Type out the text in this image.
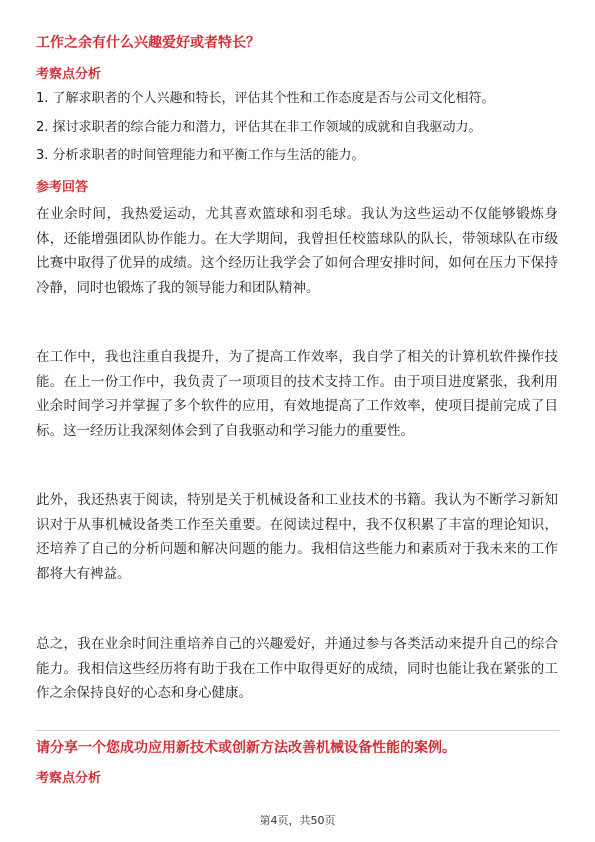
工作之余有什么兴趣爱好或者特长？
考察点分析
1. 了解求职者的个人兴趣和特长，评估其个性和工作态度是否与公司文化相符。
2. 探讨求职者的综合能力和潜力，评估其在非工作领域的成就和自我驱动力。
3. 分析求职者的时间管理能力和平衡工作与生活的能力。
参考回答
在业余时间，我热爱运动，尤其喜欢篮球和羽毛球。我认为这些运动不仅能够锻炼身体，还能增强团队协作能力。在大学期间，我曾担任校篮球队的队长，带领球队在市级比赛中取得了优异的成绩。这个经历让我学会了如何合理安排时间，如何在压力下保持冷静，同时也锻炼了我的领导能力和团队精神。
在工作中，我也注重自我提升，为了提高工作效率，我自学了相关的计算机软件操作技能。在上一份工作中，我负责了一项项目的技术支持工作。由于项目进度紧张，我利用业余时间学习并掌握了多个软件的应用，有效地提高了工作效率，使项目提前完成了目标。这一经历让我深刻体会到了自我驱动和学习能力的重要性。
此外，我还热衷于阅读，特别是关于机械设备和工业技术的书籍。我认为不断学习新知识对于从事机械设备类工作至关重要。在阅读过程中，我不仅积累了丰富的理论知识，还培养了自己的分析问题和解决问题的能力。我相信这些能力和素质对于我未来的工作都将大有裨益。
总之，我在业余时间注重培养自己的兴趣爱好，并通过参与各类活动来提升自己的综合能力。我相信这些经历将有助于我在工作中取得更好的成绩，同时也能让我在紧张的工作之余保持良好的心态和身心健康。
请分享一个您成功应用新技术或创新方法改善机械设备性能的案例。
考察点分析
第4页，共50页
